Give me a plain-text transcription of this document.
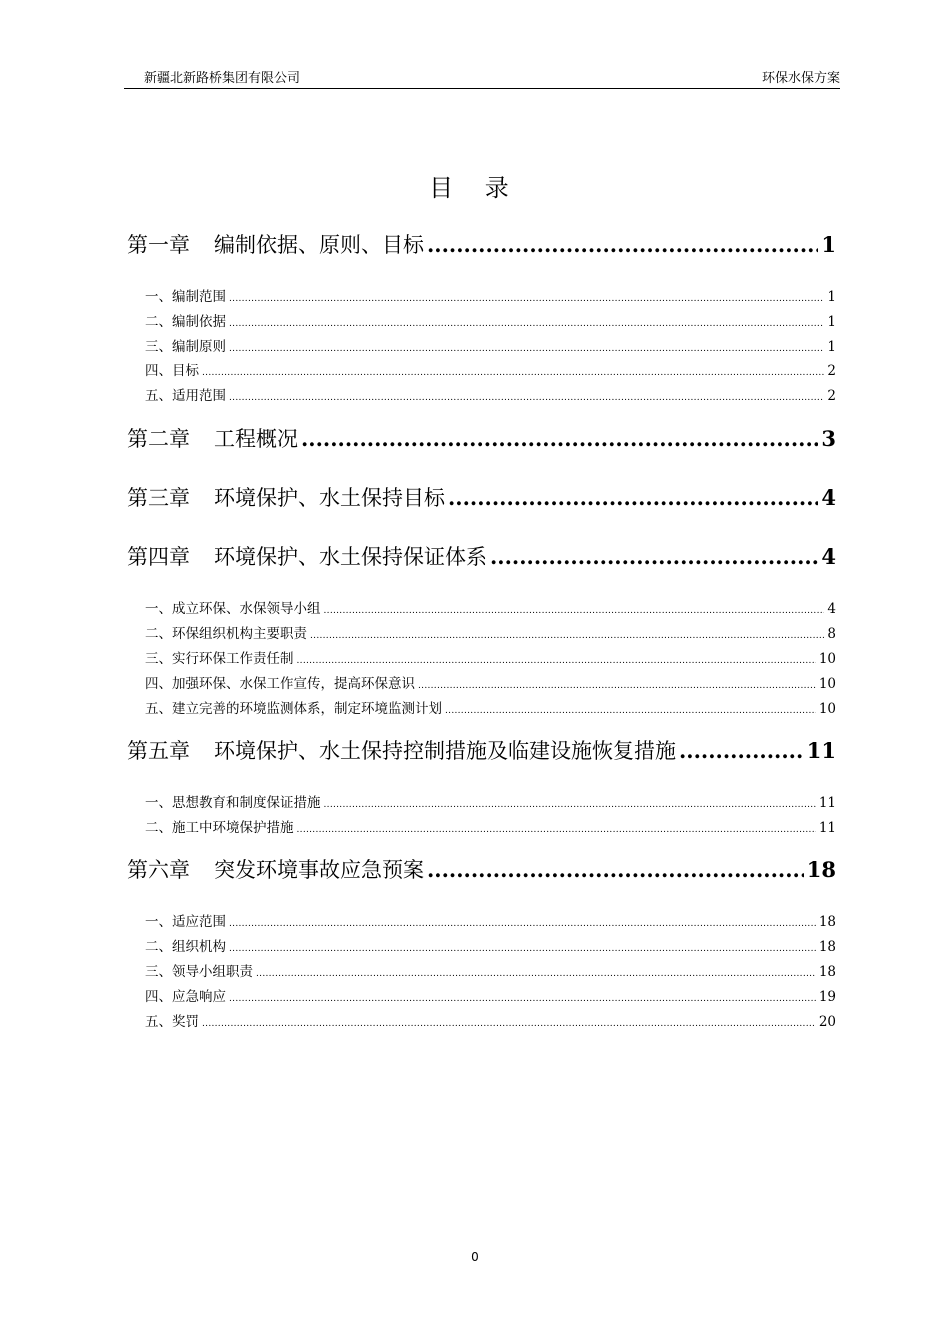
新疆北新路桥集团有限公司	环保水保方案
目 录
第一章 编制依据、原则、目标 .....	1
一、编制范围 .....	1
二、编制依据 .....	1
三、编制原则 .....	1
四、目标 .....	2
五、适用范围 .....	2
第二章 工程概况 .....	3
第三章 环境保护、水土保持目标 .....	4
第四章 环境保护、水土保持保证体系 .....	4
一、成立环保、水保领导小组 .....	4
二、环保组织机构主要职责 .....	8
三、实行环保工作责任制 .....	10
四、加强环保、水保工作宣传，提高环保意识 .....	10
五、建立完善的环境监测体系，制定环境监测计划 .....	10
第五章 环境保护、水土保持控制措施及临建设施恢复措施 .....	11
一、思想教育和制度保证措施 .....	11
二、施工中环境保护措施 .....	11
第六章 突发环境事故应急预案 .....	18
一、适应范围 .....	18
二、组织机构 .....	18
三、领导小组职责 .....	18
四、应急响应 .....	19
五、奖罚 .....	20
0
